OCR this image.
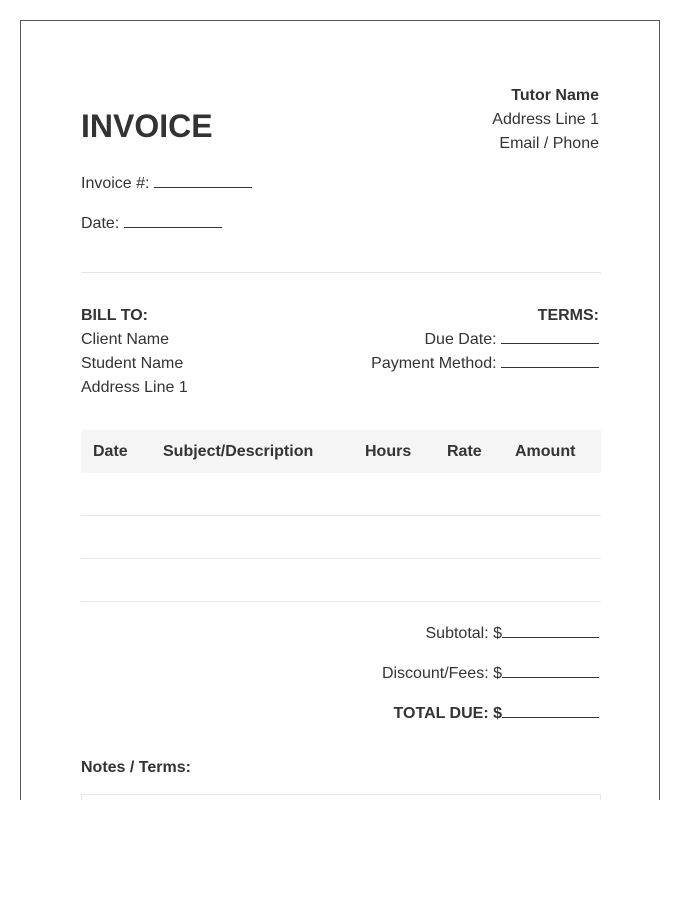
INVOICE
Tutor Name
Address Line 1
Email / Phone
Invoice #:
Date:
BILL TO:
Client Name
Student Name
Address Line 1
TERMS:
Due Date:
Payment Method:
Date	Subject/Description	Hours	Rate	Amount
Subtotal: $
Discount/Fees: $
TOTAL DUE: $
Notes / Terms:
